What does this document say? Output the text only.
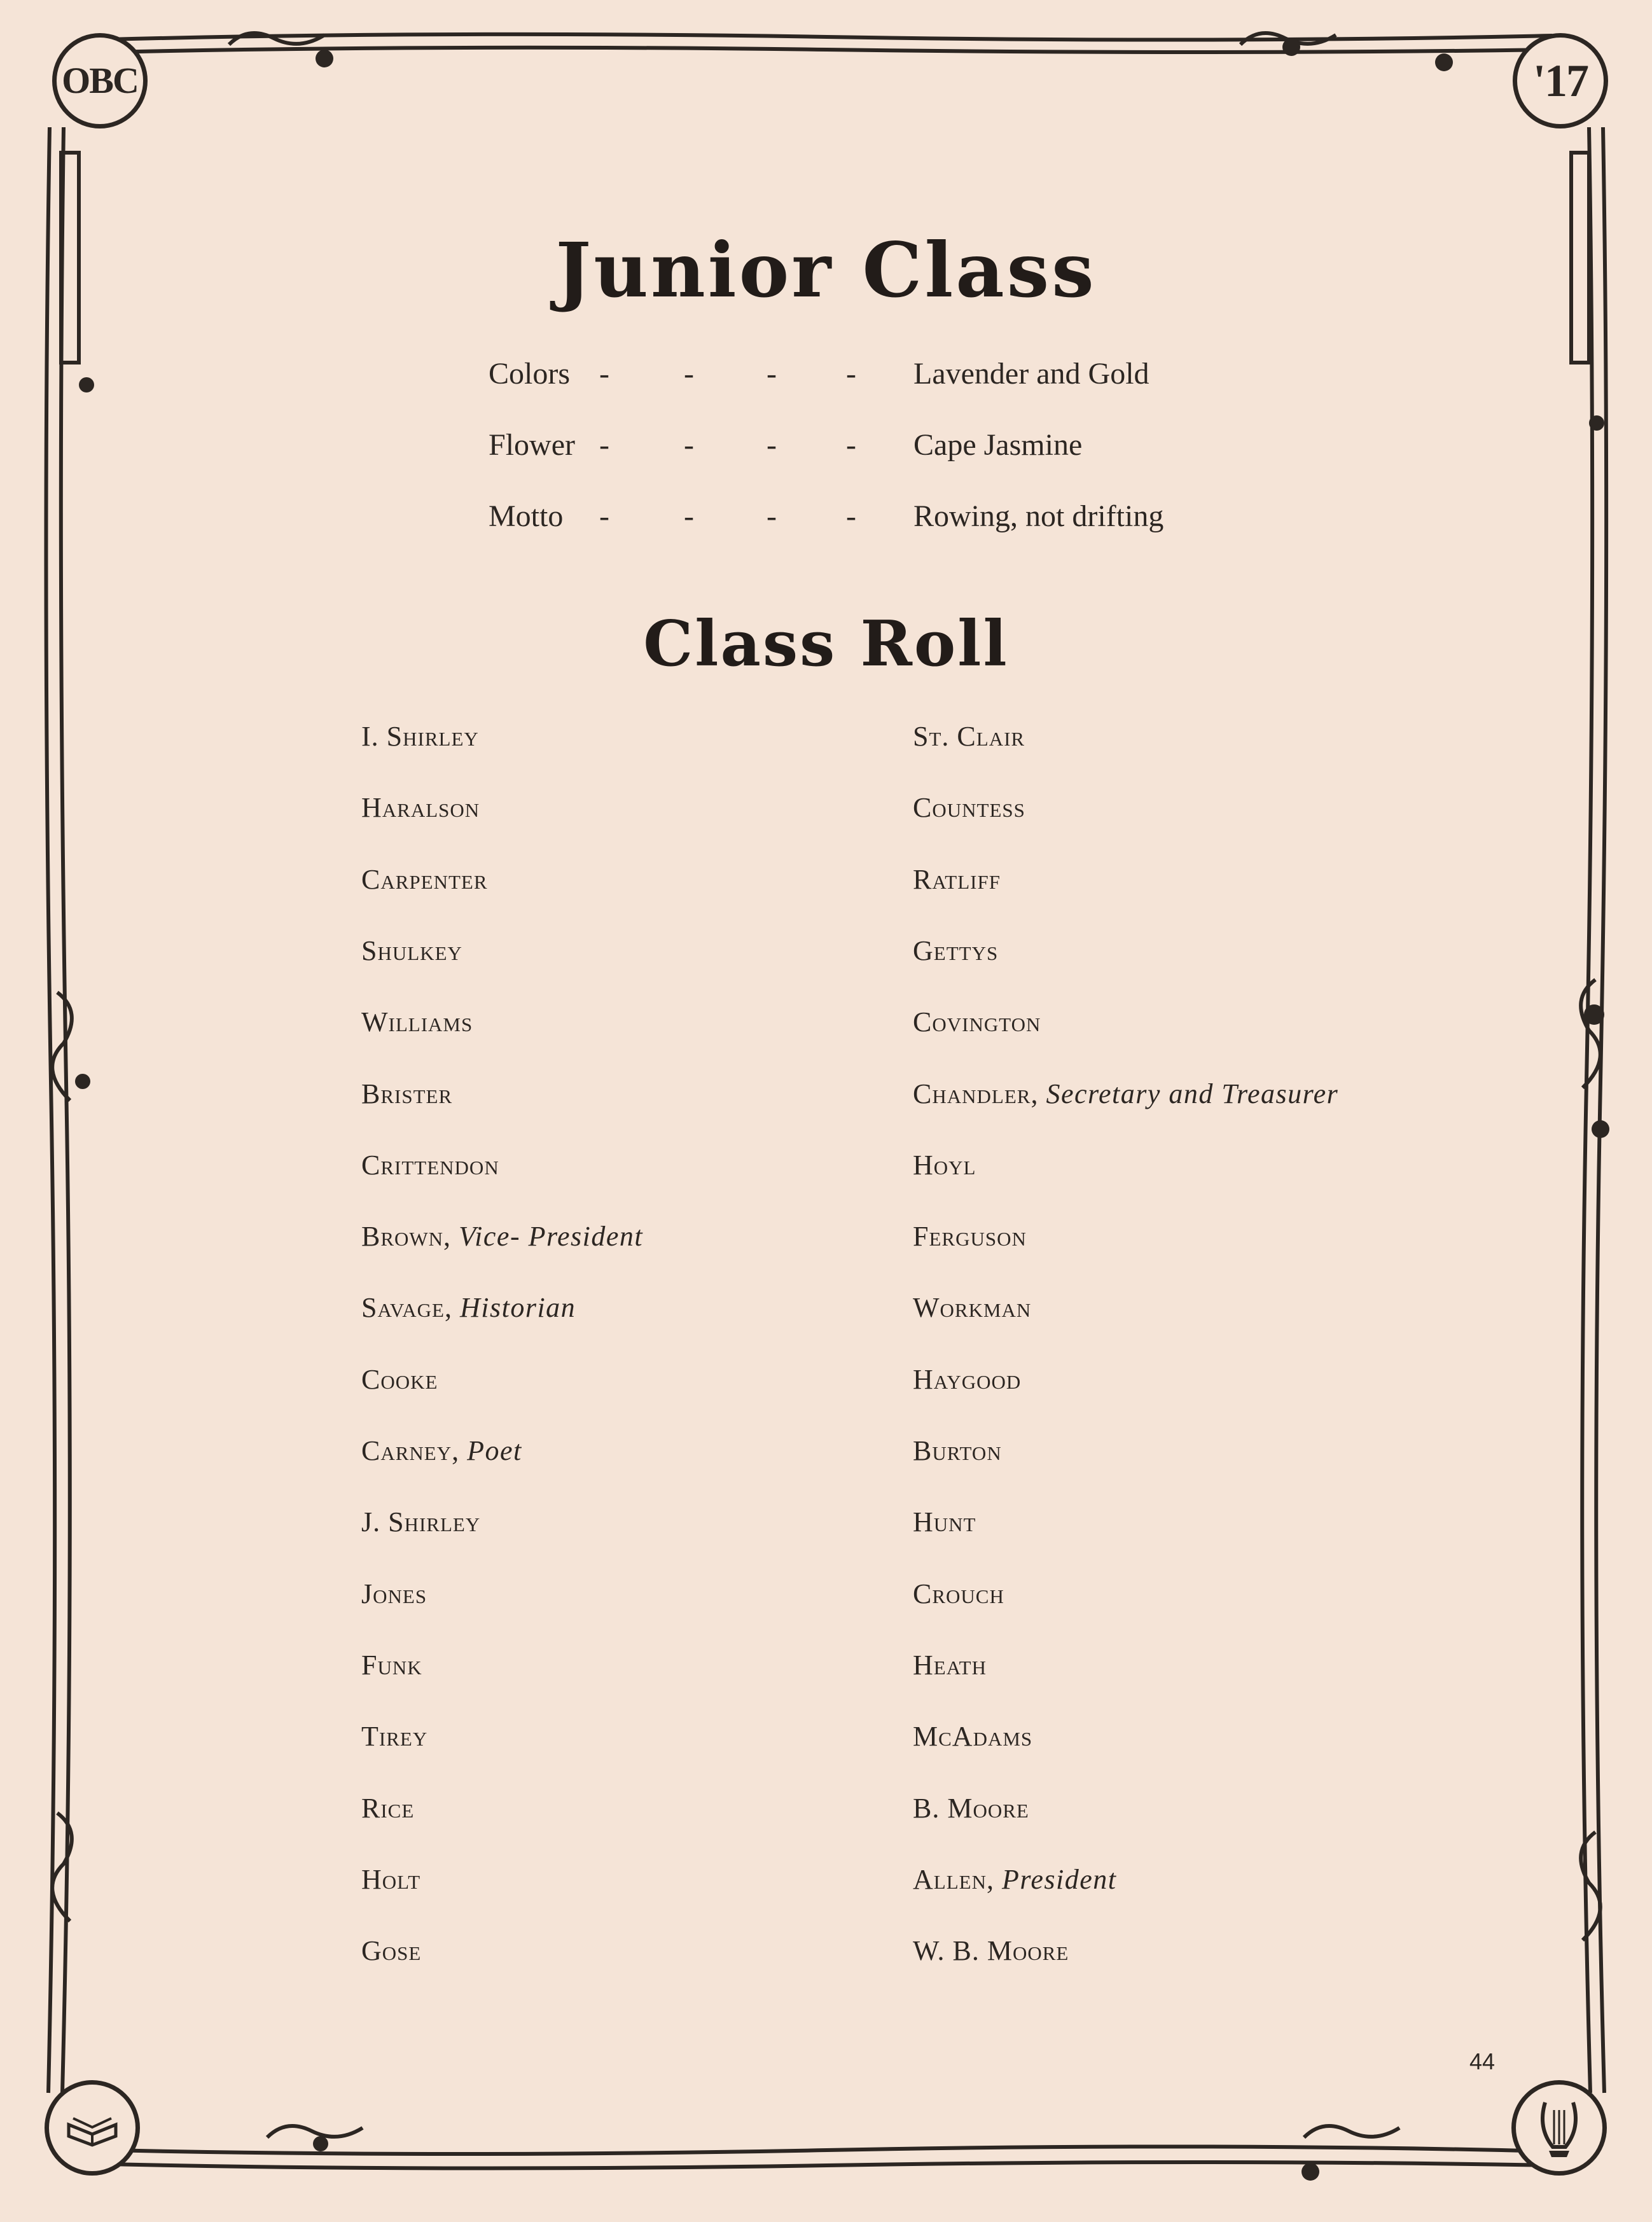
OBC	'17
Junior Class
Colors - - - - Lavender and Gold
Flower - - - - Cape Jasmine
Motto - - - - Rowing, not drifting
Class Roll
I. Shirley
Haralson
Carpenter
Shulkey
Williams
Brister
Crittendon
Brown, Vice- President
Savage, Historian
Cooke
Carney, Poet
J. Shirley
Jones
Funk
Tirey
Rice
Holt
Gose
St. Clair
Countess
Ratliff
Gettys
Covington
Chandler, Secretary and Treasurer
Hoyl
Ferguson
Workman
Haygood
Burton
Hunt
Crouch
Heath
McAdams
B. Moore
Allen, President
W. B. Moore
44
